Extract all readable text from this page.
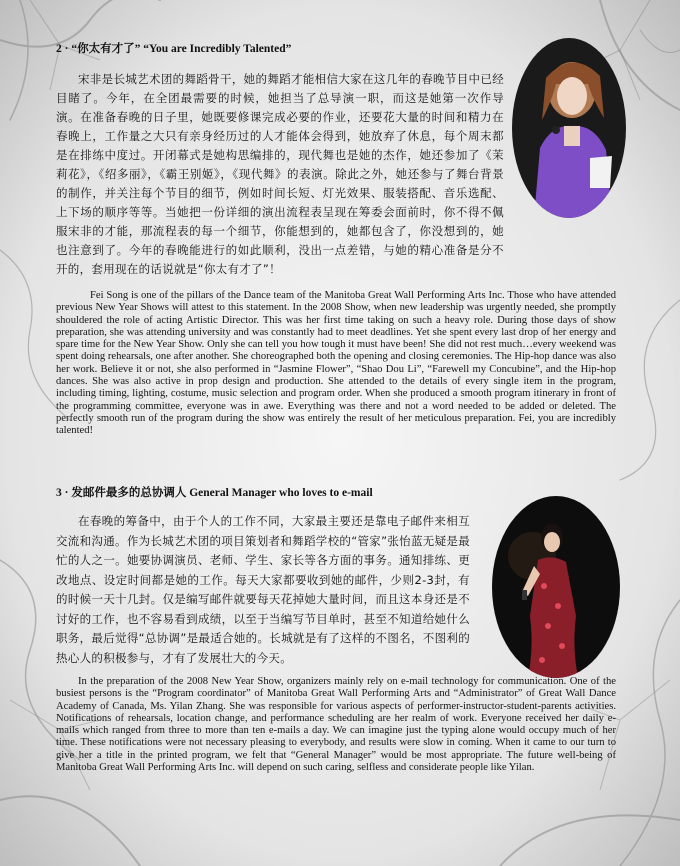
2 · “你太有才了” “You are Incredibly Talented”
宋非是长城艺术团的舞蹈骨干，她的舞蹈才能相信大家在这几年的春晚节目中已经目睹了。今年，在全团最需要的时候，她担当了总导演一职，而这是她第一次作导演。在准备春晚的日子里，她既要修课完成必要的作业，还要花大量的时间和精力在春晚上，工作量之大只有亲身经历过的人才能体会得到，她放弃了休息，每个周末都是在排练中度过。开闭幕式是她构思编排的，现代舞也是她的杰作，她还参加了《茉莉花》，《绍多丽》，《霸王别姬》，《现代舞》的表演。除此之外，她还参与了舞台背景的制作，并关注每个节目的细节，例如时间长短、灯光效果、服装搭配、音乐选配、上下场的顺序等等。当她把一份详细的演出流程表呈现在筹委会面前时，你不得不佩服宋非的才能，那流程表的每一个细节，你能想到的，她都包含了，你没想到的，她也注意到了。今年的春晚能进行的如此顺利，没出一点差错，与她的精心准备是分不开的，套用现在的话说就是“你太有才了”！
Fei Song is one of the pillars of the Dance team of the Manitoba Great Wall Performing Arts Inc. Those who have attended previous New Year Shows will attest to this statement. In the 2008 Show, when new leadership was urgently needed, she promptly shouldered the role of acting Artistic Director. This was her first time taking on such a heavy role. During those days of show preparation, she was attending university and was constantly had to meet deadlines. Yet she spent every last drop of her energy and spare time for the New Year Show. Only she can tell you how tough it must have been! She did not rest much…every weekend was spent doing rehearsals, one after another. She choreographed both the opening and closing ceremonies. The Hip-hop dance was also her work. Believe it or not, she also performed in “Jasmine Flower”, “Shao Dou Li”, “Farewell my Concubine”, and the Hip-hop dances. She was also active in prop design and production. She attended to the details of every single item in the program, including timing, lighting, costume, music selection and program order. When she produced a smooth program itinerary in front of the programming committee, everyone was in awe. Everything was there and not a word needed to be added or deleted. The perfectly smooth run of the program during the show was entirely the result of her meticulous preparation. Fei, you are incredibly talented!
3 · 发邮件最多的总协调人 General Manager who loves to e-mail
在春晚的筹备中，由于个人的工作不同，大家最主要还是靠电子邮件来相互交流和沟通。作为长城艺术团的项目策划者和舞蹈学校的“管家”张怡蓝无疑是最忙的人之一。她要协调演员、老师、学生、家长等各方面的事务。通知排练、更改地点、设定时间都是她的工作。每天大家都要收到她的邮件，少则2-3封，有的时候一天十几封。仅是编写邮件就要每天花掉她大量时间，而且这本身还是不讨好的工作，也不容易看到成绩，以至于当编写节目单时，甚至不知道给她什么职务，最后觉得“总协调”是最适合她的。长城就是有了这样的不图名，不图利的热心人的积极参与，才有了发展壮大的今天。
In the preparation of the 2008 New Year Show, organizers mainly rely on e-mail technology for communication. One of the busiest persons is the “Program coordinator” of Manitoba Great Wall Performing Arts and “Administrator” of Great Wall Dance Academy of Canada, Ms. Yilan Zhang. She was responsible for various aspects of performer-instructor-student-parents activities. Notifications of rehearsals, location change, and performance scheduling are her realm of work. Everyone received her daily e-mails which ranged from three to more than ten e-mails a day. We can imagine just the typing alone would occupy much of her time. These notifications were not necessary pleasing to everybody, and results were slow in coming. When it came to our turn to give her a title in the printed program, we felt that “General Manager” would be most appropriate. The future well-being of Manitoba Great Wall Performing Arts Inc. will depend on such caring, selfless and considerate people like Yilan.
